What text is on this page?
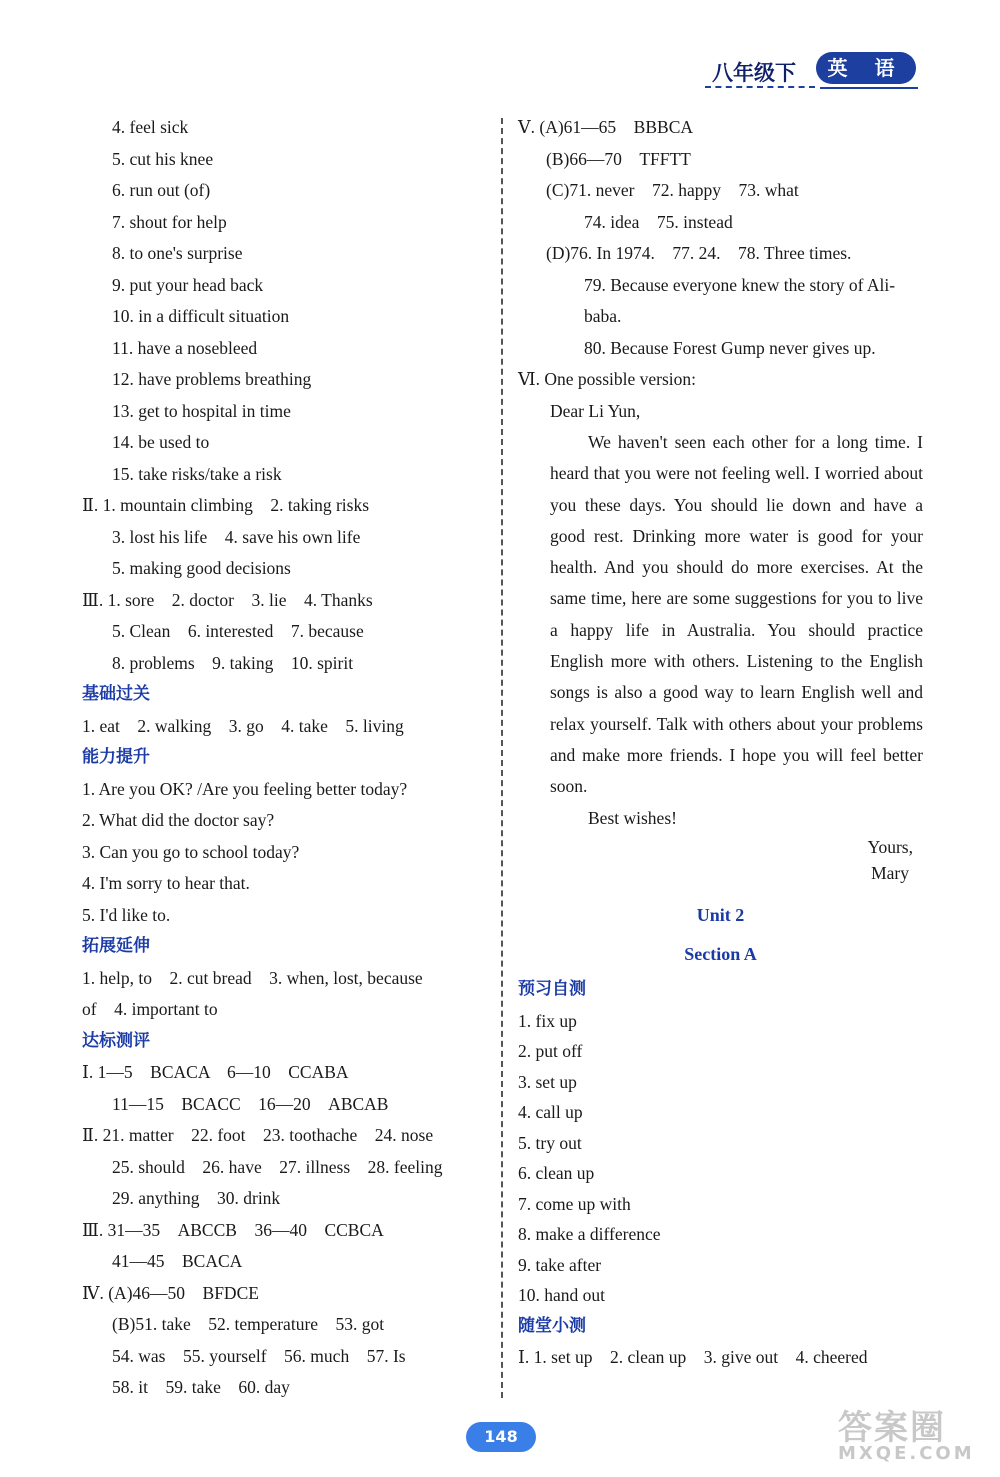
八年级下	英 语
4. feel sick
5. cut his knee
6. run out (of)
7. shout for help
8. to one's surprise
9. put your head back
10. in a difficult situation
11. have a nosebleed
12. have problems breathing
13. get to hospital in time
14. be used to
15. take risks/take a risk
Ⅱ. 1. mountain climbing　2. taking risks
3. lost his life　4. save his own life
5. making good decisions
Ⅲ. 1. sore　2. doctor　3. lie　4. Thanks
5. Clean　6. interested　7. because
8. problems　9. taking　10. spirit
基础过关
1. eat　2. walking　3. go　4. take　5. living
能力提升
1. Are you OK? /Are you feeling better today?
2. What did the doctor say?
3. Can you go to school today?
4. I'm sorry to hear that.
5. I'd like to.
拓展延伸
1. help, to　2. cut bread　3. when, lost, because
of　4. important to
达标测评
Ⅰ. 1—5　BCACA　6—10　CCABA
11—15　BCACC　16—20　ABCAB
Ⅱ. 21. matter　22. foot　23. toothache　24. nose
25. should　26. have　27. illness　28. feeling
29. anything　30. drink
Ⅲ. 31—35　ABCCB　36—40　CCBCA
41—45　BCACA
Ⅳ. (A)46—50　BFDCE
(B)51. take　52. temperature　53. got
54. was　55. yourself　56. much　57. Is
58. it　59. take　60. day
Ⅴ. (A)61—65　BBBCA
(B)66—70　TFFTT
(C)71. never　72. happy　73. what
74. idea　75. instead
(D)76. In 1974.　77. 24.　78. Three times.
79. Because everyone knew the story of Ali-
baba.
80. Because Forest Gump never gives up.
Ⅵ. One possible version:
Dear Li Yun,

We haven't seen each other for a long time. I heard that you were not feeling well. I worried about you these days. You should lie down and have a good rest. Drinking more water is good for your health. And you should do more exercises. At the same time, here are some suggestions for you to live a happy life in Australia. You should practice English more with others. Listening to the English songs is also a good way to learn English well and relax yourself. Talk with others about your problems and make more friends. I hope you will feel better soon.

Best wishes!
Yours,
Mary
Unit 2
Section A
预习自测
1. fix up
2. put off
3. set up
4. call up
5. try out
6. clean up
7. come up with
8. make a difference
9. take after
10. hand out
随堂小测
Ⅰ. 1. set up　2. clean up　3. give out　4. cheered
148	答案圈
MXQE.COM
